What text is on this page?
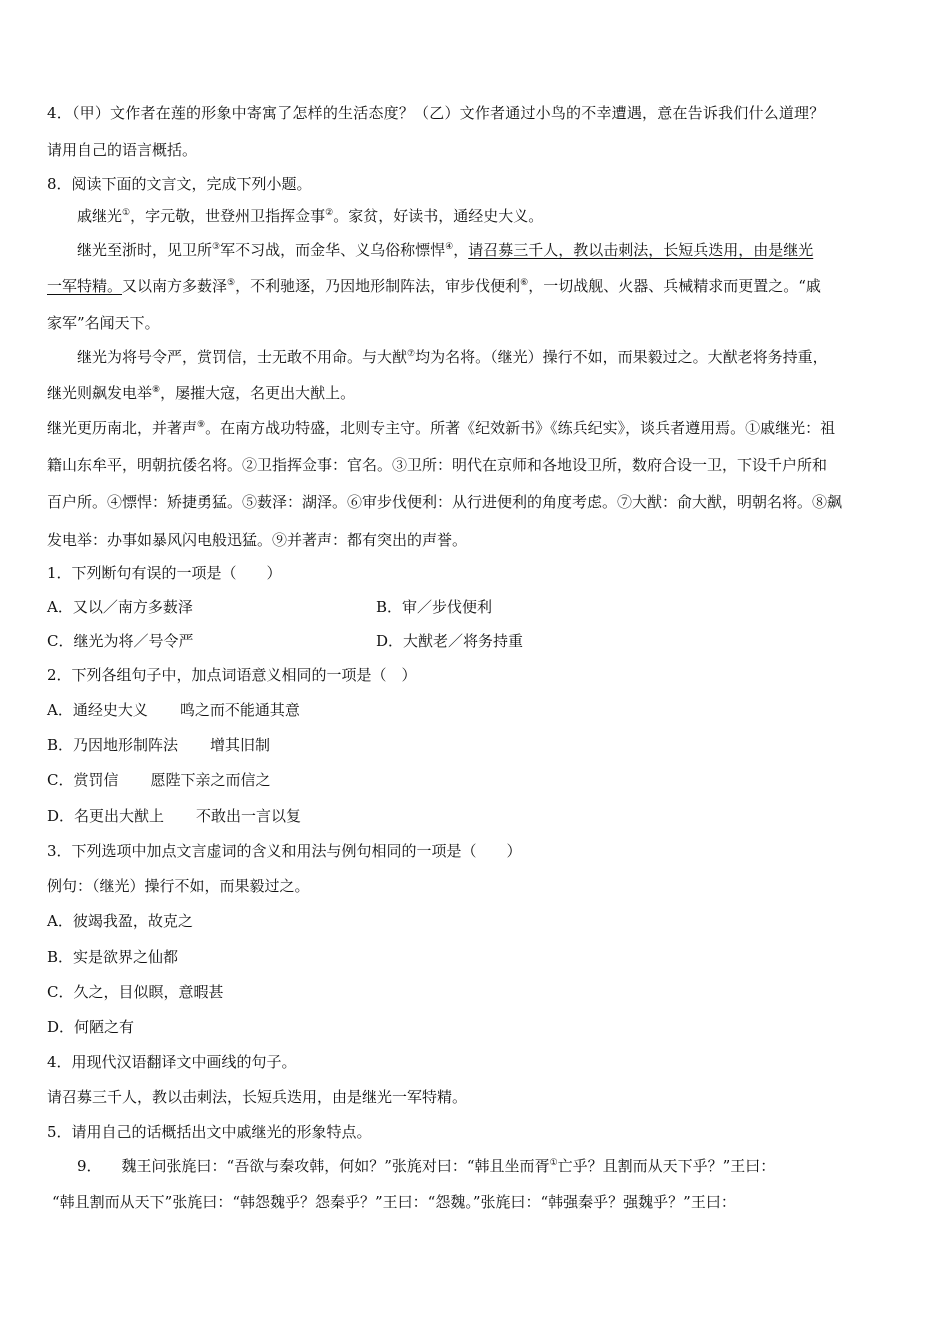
4．（甲）文作者在莲的形象中寄寓了怎样的生活态度？（乙）文作者通过小鸟的不幸遭遇，意在告诉我们什么道理？
请用自己的语言概括。
8．阅读下面的文言文，完成下列小题。
戚继光①，字元敬，世登州卫指挥佥事②。家贫，好读书，通经史大义。
继光至浙时，见卫所③军不习战，而金华、义乌俗称慓悍④，请召募三千人，教以击刺法，长短兵迭用，由是继光
一军特精。又以南方多薮泽⑤，不利驰逐，乃因地形制阵法，审步伐便利⑥，一切战舰、火器、兵械精求而更置之。“戚
家军”名闻天下。
继光为将号令严，赏罚信，士无敢不用命。与大猷⑦均为名将。（继光）操行不如，而果毅过之。大猷老将务持重，
继光则飙发电举⑧，屡摧大寇，名更出大猷上。
继光更历南北，并著声⑨。在南方战功特盛，北则专主守。所著《纪效新书》《练兵纪实》，谈兵者遵用焉。①戚继光：祖
籍山东牟平，明朝抗倭名将。②卫指挥佥事：官名。③卫所：明代在京师和各地设卫所，数府合设一卫，下设千户所和
百户所。④慓悍：矫捷勇猛。⑤薮泽：湖泽。⑥审步伐便利：从行进便利的角度考虑。⑦大猷：俞大猷，明朝名将。⑧飙
发电举：办事如暴风闪电般迅猛。⑨并著声：都有突出的声誉。
1．下列断句有误的一项是（　　）
A．又以／南方多薮泽	B．审／步伐便利
C．继光为将／号令严	D．大猷老／将务持重
2．下列各组句子中，加点词语意义相同的一项是（　）
A．通经史大义 鸣之而不能通其意
B．乃因地形制阵法 增其旧制
C．赏罚信 愿陛下亲之而信之
D．名更出大猷上 不敢出一言以复
3．下列选项中加点文言虚词的含义和用法与例句相同的一项是（　　）
例句：（继光）操行不如，而果毅过之。
A．彼竭我盈，故克之
B．实是欲界之仙都
C．久之，目似瞑，意暇甚
D．何陋之有
4．用现代汉语翻译文中画线的句子。
请召募三千人，教以击刺法，长短兵迭用，由是继光一军特精。
5．请用自己的话概括出文中戚继光的形象特点。
9． 魏王问张旄曰：“吾欲与秦攻韩，何如？”张旄对曰：“韩且坐而胥①亡乎？且割而从天下乎？”王曰：
“韩且割而从天下”张旄曰：“韩怨魏乎？怨秦乎？”王曰：“怨魏。”张旄曰：“韩强秦乎？强魏乎？”王曰：
